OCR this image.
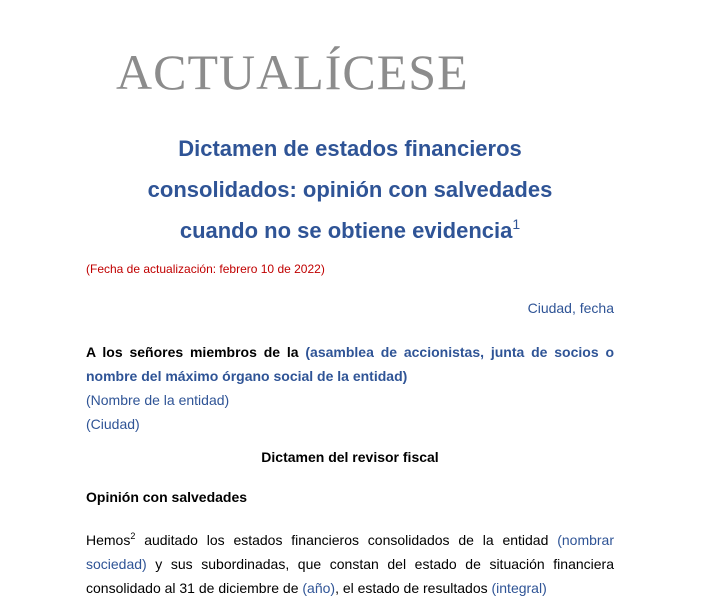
ACTUALÍCESE
Dictamen de estados financieros
consolidados: opinión con salvedades
cuando no se obtiene evidencia$^1$
(Fecha de actualización: febrero 10 de 2022)
Ciudad, fecha
A los señores miembros de la (asamblea de accionistas, junta de socios o nombre del máximo órgano social de la entidad)
(Nombre de la entidad)
(Ciudad)
Dictamen del revisor fiscal
Opinión con salvedades
Hemos$^2$ auditado los estados financieros consolidados de la entidad (nombrar sociedad) y sus subordinadas, que constan del estado de situación financiera consolidado al 31 de diciembre de (año), el estado de resultados (integral)
